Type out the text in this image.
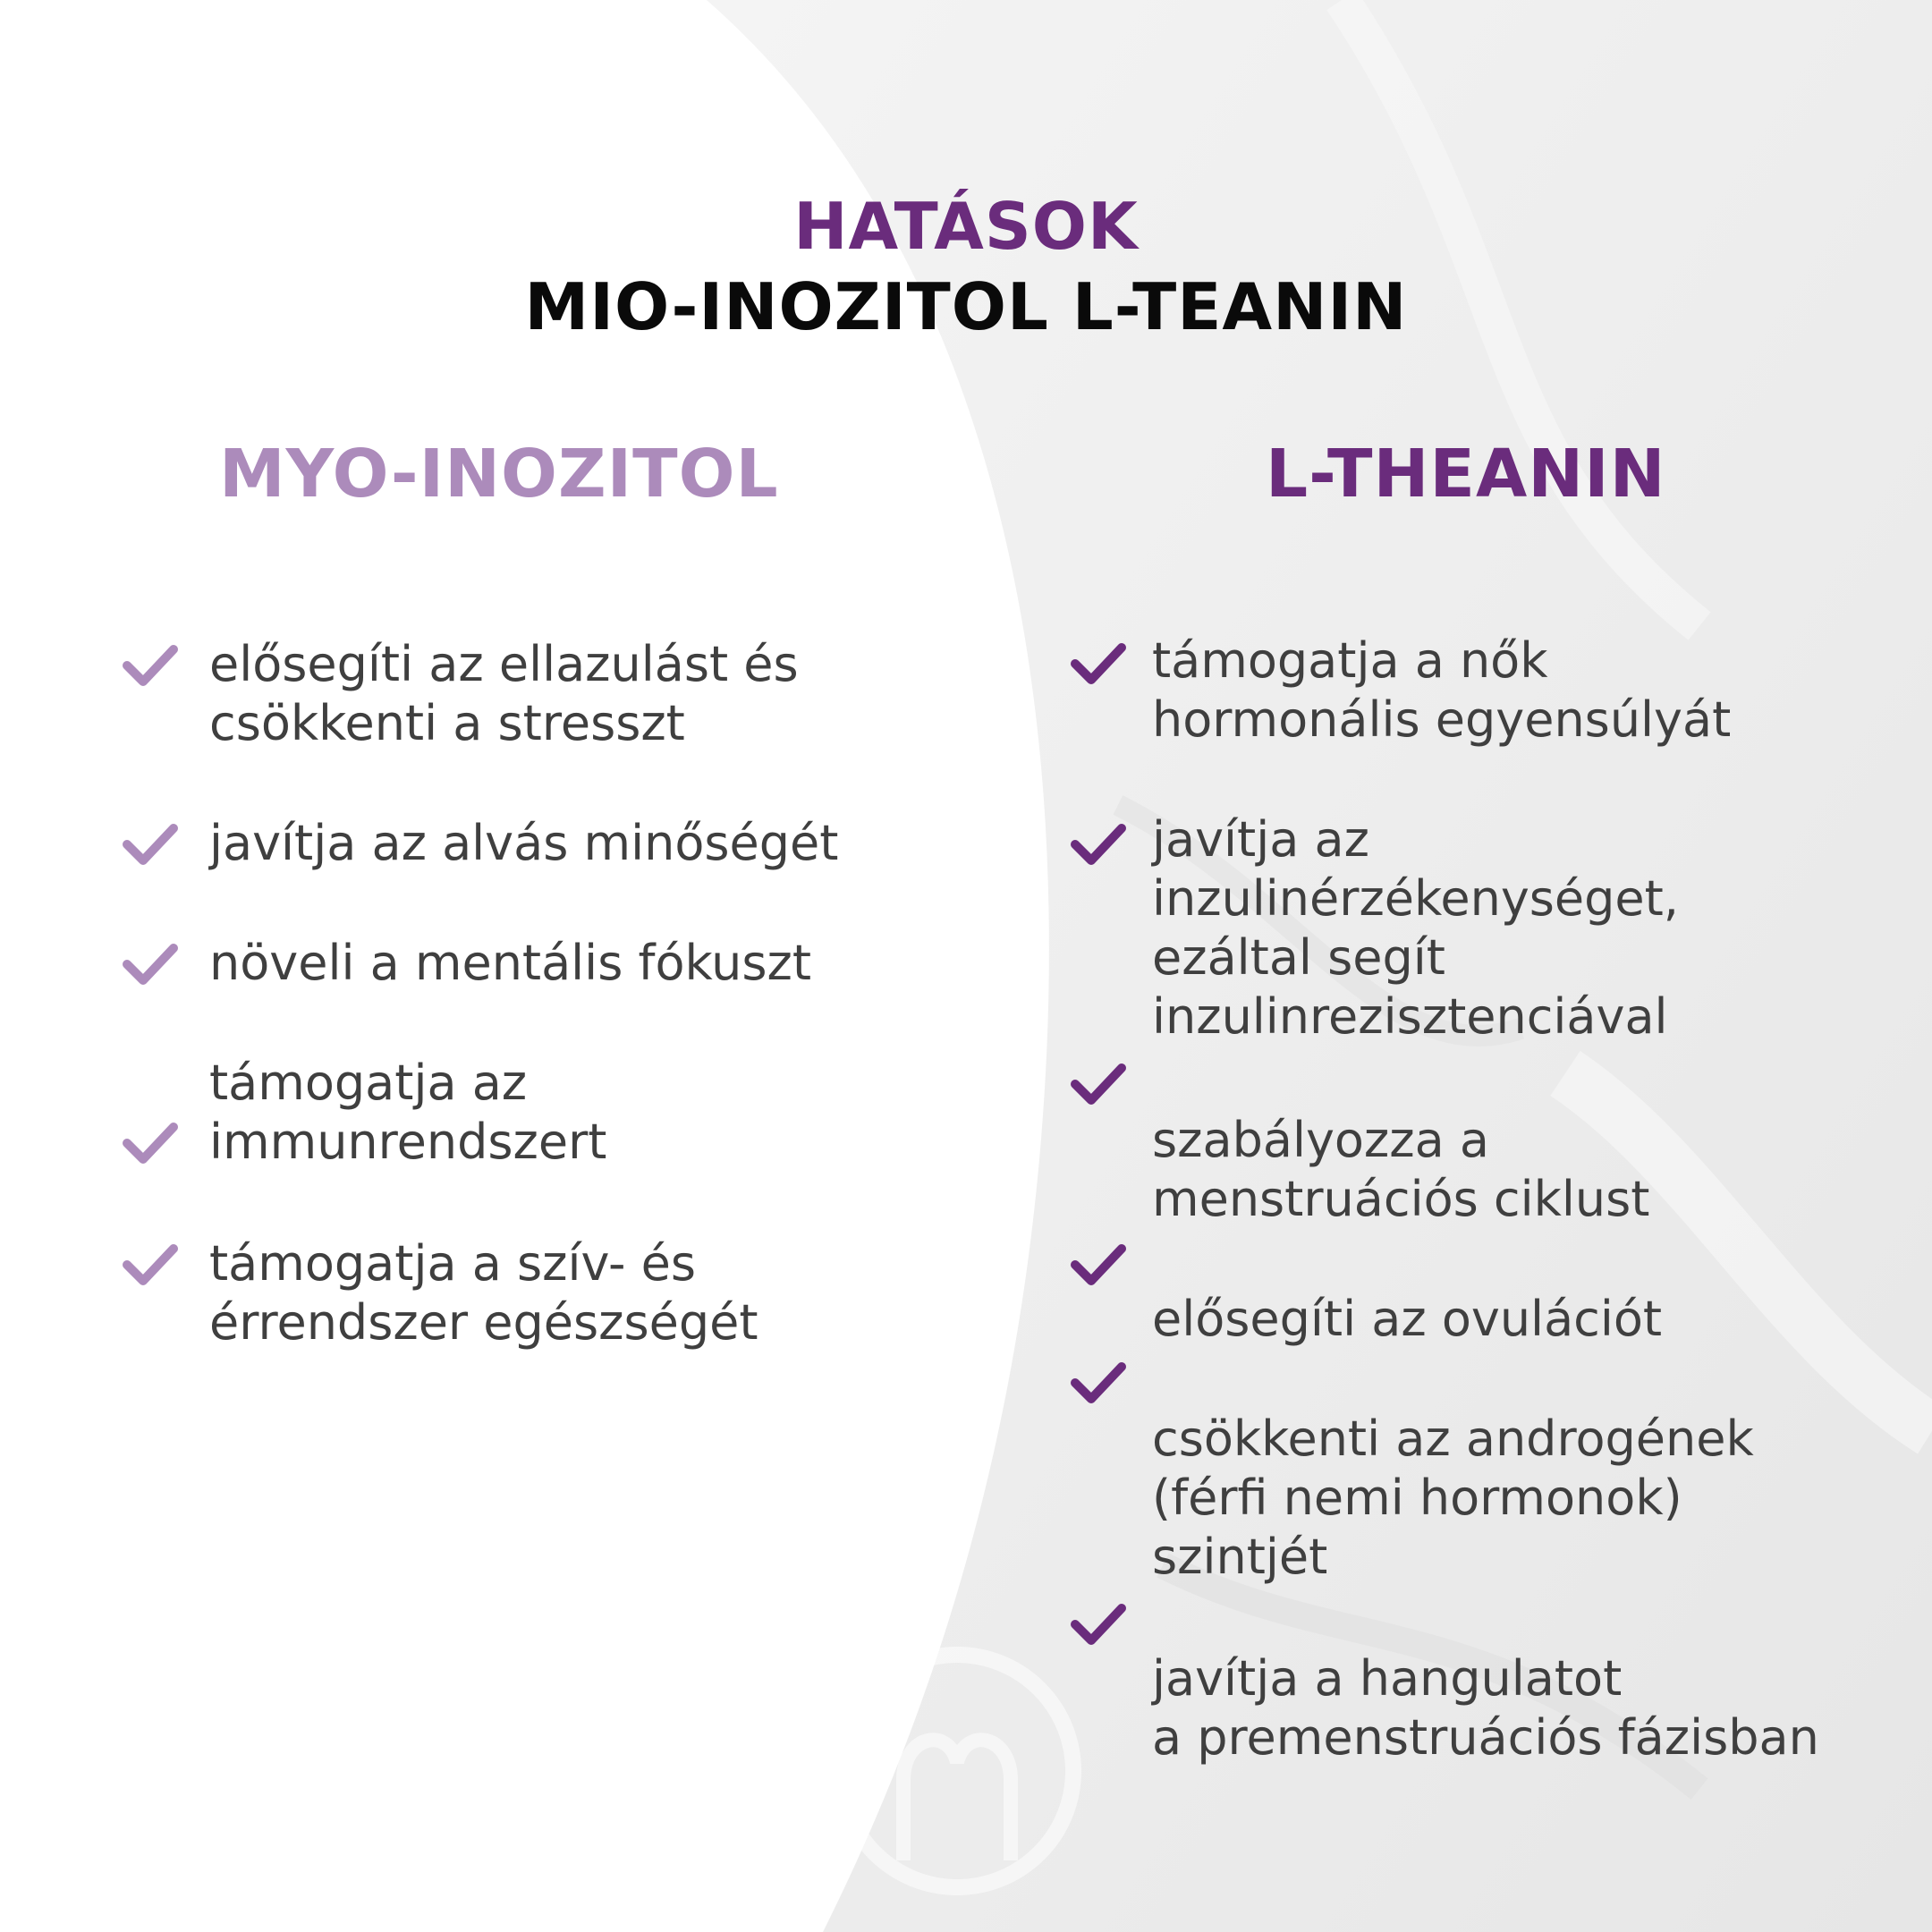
HATÁSOK
MIO-INOZITOL L-TEANIN
MYO-INOZITOL	L-THEANIN
elősegíti az ellazulást és
csökkenti a stresszt
javítja az alvás minőségét
növeli a mentális fókuszt
támogatja az
immunrendszert
támogatja a szív- és
érrendszer egészségét
támogatja a nők
hormonális egyensúlyát
javítja az
inzulinérzékenységet,
ezáltal segít
inzulinrezisztenciával
szabályozza a
menstruációs ciklust
elősegíti az ovulációt
csökkenti az androgének
(férfi nemi hormonok)
szintjét
javítja a hangulatot
a premenstruációs fázisban
